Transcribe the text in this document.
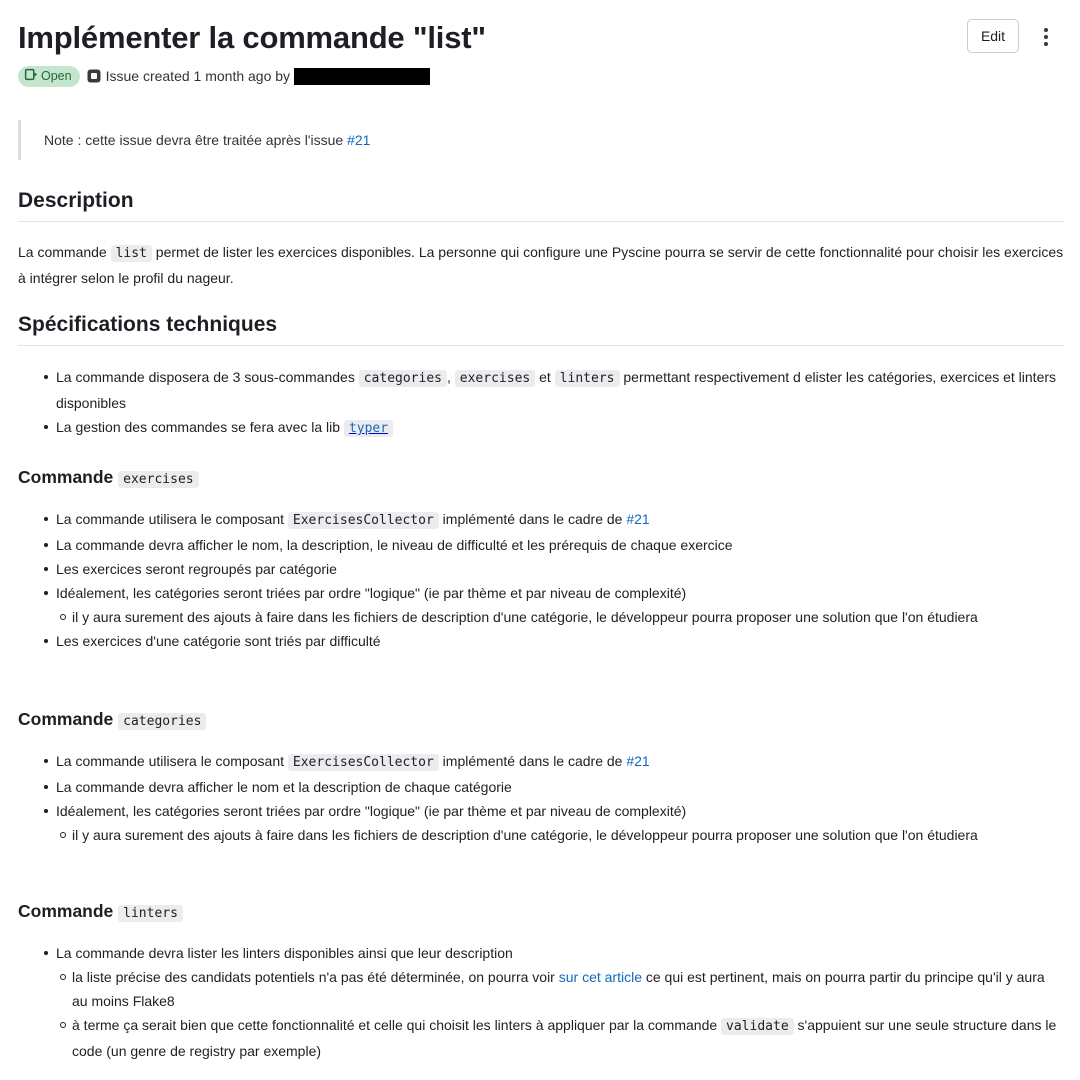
Implémenter la commande "list"	Edit
Open Issue created 1 month ago by
Note : cette issue devra être traitée après l'issue #21
Description

La commande list permet de lister les exercices disponibles. La personne qui configure une Pyscine pourra se servir de cette fonctionnalité pour choisir les exercices à intégrer selon le profil du nageur.

Spécifications techniques
La commande disposera de 3 sous-commandes categories , exercises et linters permettant respectivement d elister les catégories, exercices et linters disponibles
La gestion des commandes se fera avec la lib typer
Commande exercises
La commande utilisera le composant ExercisesCollector implémenté dans le cadre de #21
La commande devra afficher le nom, la description, le niveau de difficulté et les prérequis de chaque exercice
Les exercices seront regroupés par catégorie
Idéalement, les catégories seront triées par ordre "logique" (ie par thème et par niveau de complexité)
il y aura surement des ajouts à faire dans les fichiers de description d'une catégorie, le développeur pourra proposer une solution que l'on étudiera
Les exercices d'une catégorie sont triés par difficulté
Commande categories
La commande utilisera le composant ExercisesCollector implémenté dans le cadre de #21
La commande devra afficher le nom et la description de chaque catégorie
Idéalement, les catégories seront triées par ordre "logique" (ie par thème et par niveau de complexité)
il y aura surement des ajouts à faire dans les fichiers de description d'une catégorie, le développeur pourra proposer une solution que l'on étudiera
Commande linters
La commande devra lister les linters disponibles ainsi que leur description
la liste précise des candidats potentiels n'a pas été déterminée, on pourra voir sur cet article ce qui est pertinent, mais on pourra partir du principe qu'il y aura au moins Flake8
à terme ça serait bien que cette fonctionnalité et celle qui choisit les linters à appliquer par la commande validate s'appuient sur une seule structure dans le code (un genre de registry par exemple)
